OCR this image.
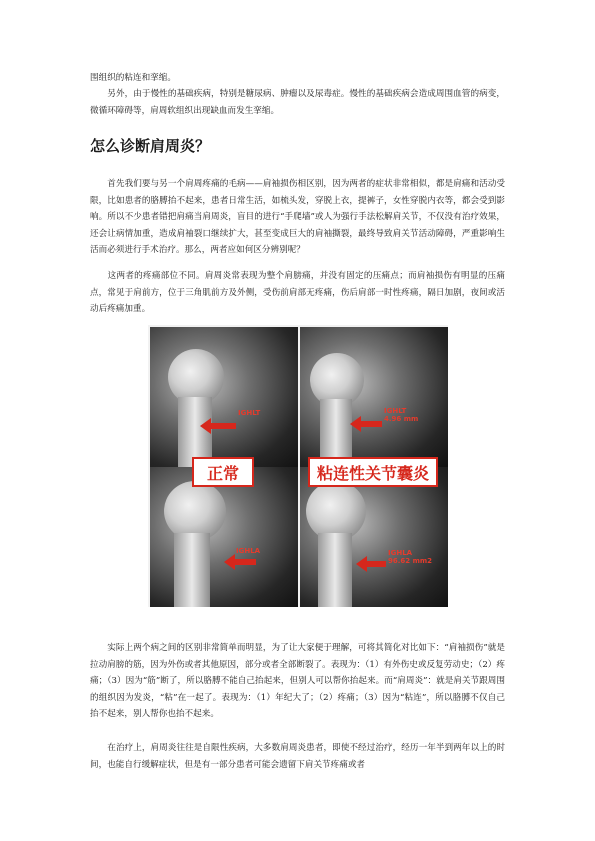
围组织的粘连和挛缩。

　　另外，由于慢性的基础疾病，特别是糖尿病、肿瘤以及尿毒症。慢性的基础疾病会造成周围血管的病变，微循环障碍等，肩周软组织出现缺血而发生挛缩。

怎么诊断肩周炎？

　　首先我们要与另一个肩周疼痛的毛病——肩袖损伤相区别，因为两者的症状非常相似，都是肩痛和活动受限，比如患者的胳膊抬不起来，患者日常生活，如梳头发，穿脱上衣，提裤子，女性穿脱内衣等，都会受到影响。所以不少患者错把肩痛当肩周炎，盲目的进行“手爬墙”或人为强行手法松解肩关节，不仅没有治疗效果，还会让病情加重，造成肩袖裂口继续扩大，甚至变成巨大的肩袖撕裂，最终导致肩关节活动障碍，严重影响生活而必须进行手术治疗。那么，两者应如何区分辨别呢？

　　这两者的疼痛部位不同。肩周炎常表现为整个肩膀痛，并没有固定的压痛点；而肩袖损伤有明显的压痛点，常见于肩前方，位于三角肌前方及外侧，受伤前肩部无疼痛，伤后肩部一时性疼痛，隔日加剧，夜间或活动后疼痛加重。

IGHLT	IGHLT
4.96 mm
IGHLA	IGHLA
96.62 mm2
正常	粘连性关节囊炎

　　实际上两个病之间的区别非常简单而明显，为了让大家便于理解，可将其简化对比如下：“肩袖损伤”就是拉动肩膀的筋，因为外伤或者其他原因，部分或者全部断裂了。表现为：（1）有外伤史或反复劳动史；（2）疼痛；（3）因为“筋”断了，所以胳膊不能自己抬起来，但别人可以帮你抬起来。而“肩周炎”：就是肩关节跟周围的组织因为发炎，“粘”在一起了。表现为：（1）年纪大了；（2）疼痛；（3）因为“粘连”，所以胳膊不仅自己抬不起来，别人帮你也抬不起来。

　　在治疗上，肩周炎往往是自限性疾病，大多数肩周炎患者，即使不经过治疗，经历一年半到两年以上的时间，也能自行缓解症状，但是有一部分患者可能会遗留下肩关节疼痛或者
